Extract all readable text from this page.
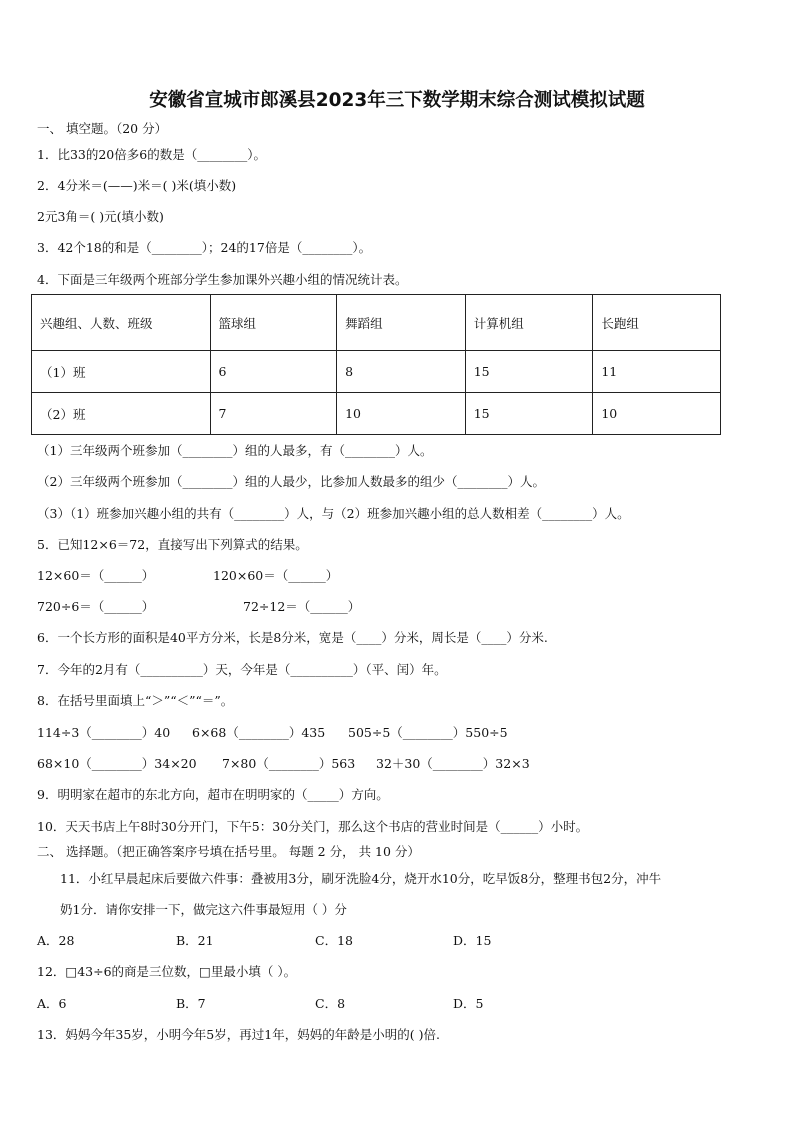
安徽省宣城市郎溪县2023年三下数学期末综合测试模拟试题
一、 填空题。（20 分）
1．比33的20倍多6的数是（________）。
2．4分米＝(——)米＝( )米(填小数)
2元3角＝( )元(填小数)
3．42个18的和是（________）；24的17倍是（________）。
4．下面是三年级两个班部分学生参加课外兴趣小组的情况统计表。
兴趣组、人数、班级	篮球组	舞蹈组	计算机组	长跑组
（1）班	6	8	15	11
（2）班	7	10	15	10
（1）三年级两个班参加（________）组的人最多，有（________）人。
（2）三年级两个班参加（________）组的人最少，比参加人数最多的组少（________）人。
（3）（1）班参加兴趣小组的共有（________）人，与（2）班参加兴趣小组的总人数相差（________）人。
5．已知12×6＝72，直接写出下列算式的结果。
12×60＝（______）	120×60＝（______）
720÷6＝（______）	72÷12＝（______）
6．一个长方形的面积是40平方分米，长是8分米，宽是（____）分米，周长是（____）分米.
7．今年的2月有（__________）天，今年是（__________）（平、闰）年。
8．在括号里面填上“＞”“＜”“＝”。
114÷3（________）40 6×68（________）435 505÷5（________）550÷5
68×10（________）34×20 7×80（________）563 32＋30（________）32×3
9．明明家在超市的东北方向，超市在明明家的（_____）方向。
10．天天书店上午8时30分开门，下午5：30分关门，那么这个书店的营业时间是（______）小时。
二、 选择题。（把正确答案序号填在括号里。 每题 2 分， 共 10 分）
11．小红早晨起床后要做六件事：叠被用3分，刷牙洗脸4分，烧开水10分，吃早饭8分，整理书包2分，冲牛
奶1分．请你安排一下，做完这六件事最短用（ ）分
A．28	B．21	C．18	D．15
12．□43÷6的商是三位数，□里最小填（ ）。
A．6	B．7	C．8	D．5
13．妈妈今年35岁，小明今年5岁，再过1年，妈妈的年龄是小明的( )倍.
